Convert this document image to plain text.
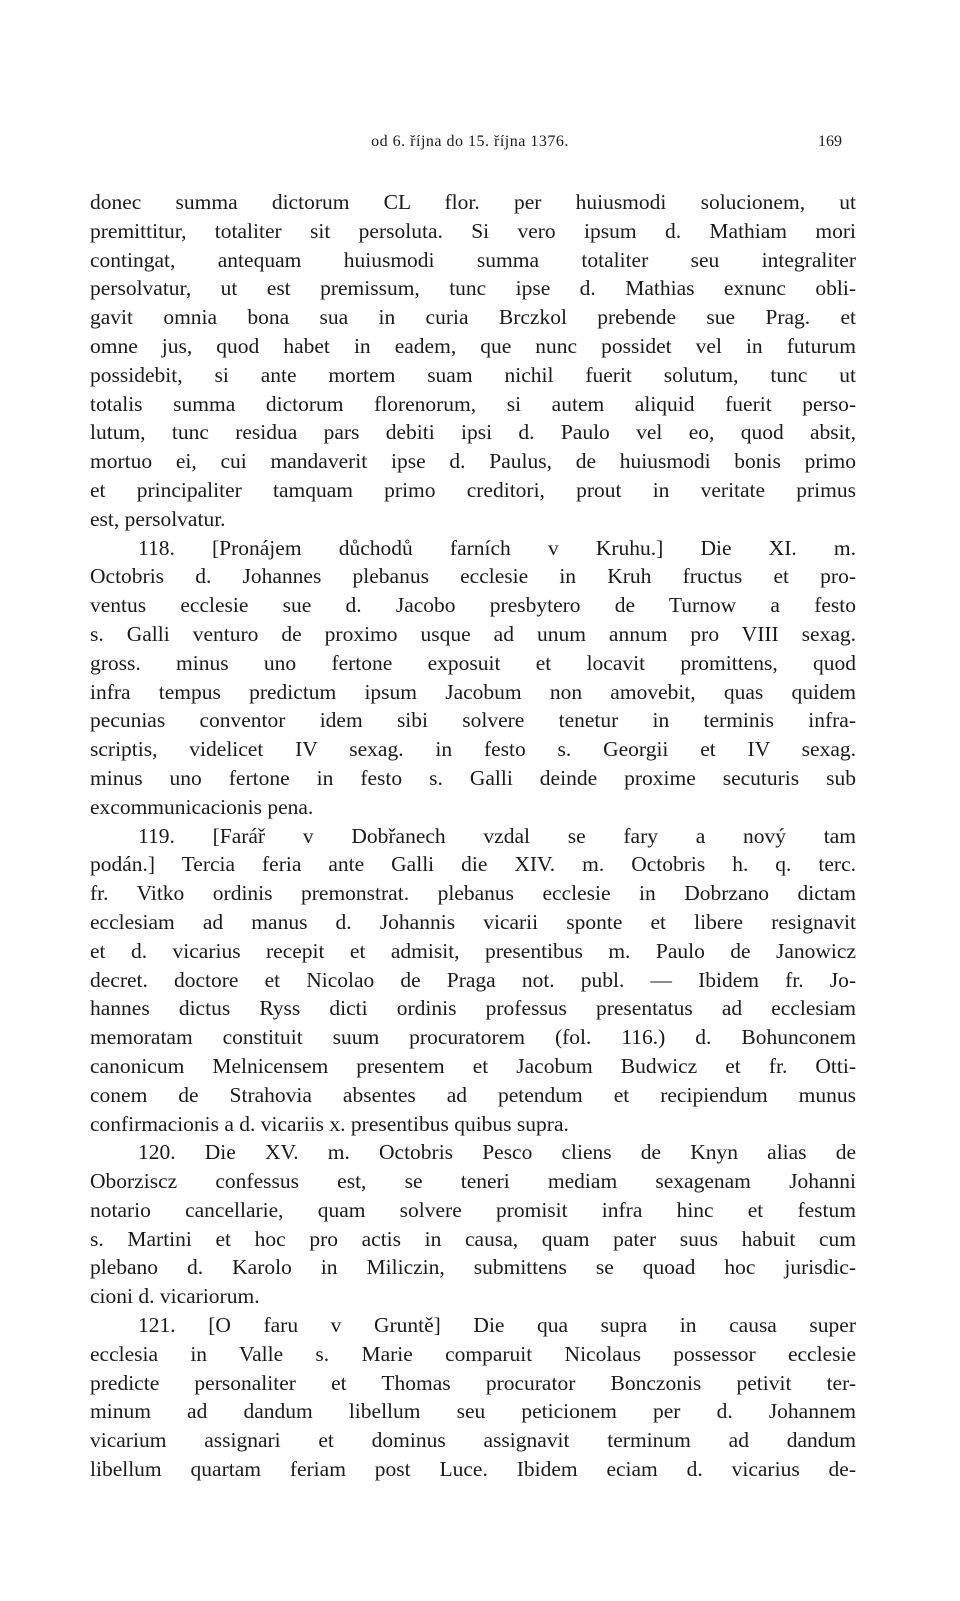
od 6. října do 15. října 1376.	169
donec summa dictorum CL flor. per huiusmodi solucionem, ut
premittitur, totaliter sit persoluta. Si vero ipsum d. Mathiam mori
contingat, antequam huiusmodi summa totaliter seu integraliter
persolvatur, ut est premissum, tunc ipse d. Mathias exnunc obli-
gavit omnia bona sua in curia Brczkol prebende sue Prag. et
omne jus, quod habet in eadem, que nunc possidet vel in futurum
possidebit, si ante mortem suam nichil fuerit solutum, tunc ut
totalis summa dictorum florenorum, si autem aliquid fuerit perso-
lutum, tunc residua pars debiti ipsi d. Paulo vel eo, quod absit,
mortuo ei, cui mandaverit ipse d. Paulus, de huiusmodi bonis primo
et principaliter tamquam primo creditori, prout in veritate primus
est, persolvatur.
118. [Pronájem důchodů farních v Kruhu.] Die XI. m.
Octobris d. Johannes plebanus ecclesie in Kruh fructus et pro-
ventus ecclesie sue d. Jacobo presbytero de Turnow a festo
s. Galli venturo de proximo usque ad unum annum pro VIII sexag.
gross. minus uno fertone exposuit et locavit promittens, quod
infra tempus predictum ipsum Jacobum non amovebit, quas quidem
pecunias conventor idem sibi solvere tenetur in terminis infra-
scriptis, videlicet IV sexag. in festo s. Georgii et IV sexag.
minus uno fertone in festo s. Galli deinde proxime secuturis sub
excommunicacionis pena.
119. [Farář v Dobřanech vzdal se fary a nový tam
podán.] Tercia feria ante Galli die XIV. m. Octobris h. q. terc.
fr. Vitko ordinis premonstrat. plebanus ecclesie in Dobrzano dictam
ecclesiam ad manus d. Johannis vicarii sponte et libere resignavit
et d. vicarius recepit et admisit, presentibus m. Paulo de Janowicz
decret. doctore et Nicolao de Praga not. publ. — Ibidem fr. Jo-
hannes dictus Ryss dicti ordinis professus presentatus ad ecclesiam
memoratam constituit suum procuratorem (fol. 116.) d. Bohunconem
canonicum Melnicensem presentem et Jacobum Budwicz et fr. Otti-
conem de Strahovia absentes ad petendum et recipiendum munus
confirmacionis a d. vicariis x. presentibus quibus supra.
120. Die XV. m. Octobris Pesco cliens de Knyn alias de
Oborziscz confessus est, se teneri mediam sexagenam Johanni
notario cancellarie, quam solvere promisit infra hinc et festum
s. Martini et hoc pro actis in causa, quam pater suus habuit cum
plebano d. Karolo in Miliczin, submittens se quoad hoc jurisdic-
cioni d. vicariorum.
121. [O faru v Gruntě] Die qua supra in causa super
ecclesia in Valle s. Marie comparuit Nicolaus possessor ecclesie
predicte personaliter et Thomas procurator Bonczonis petivit ter-
minum ad dandum libellum seu peticionem per d. Johannem
vicarium assignari et dominus assignavit terminum ad dandum
libellum quartam feriam post Luce. Ibidem eciam d. vicarius de-
